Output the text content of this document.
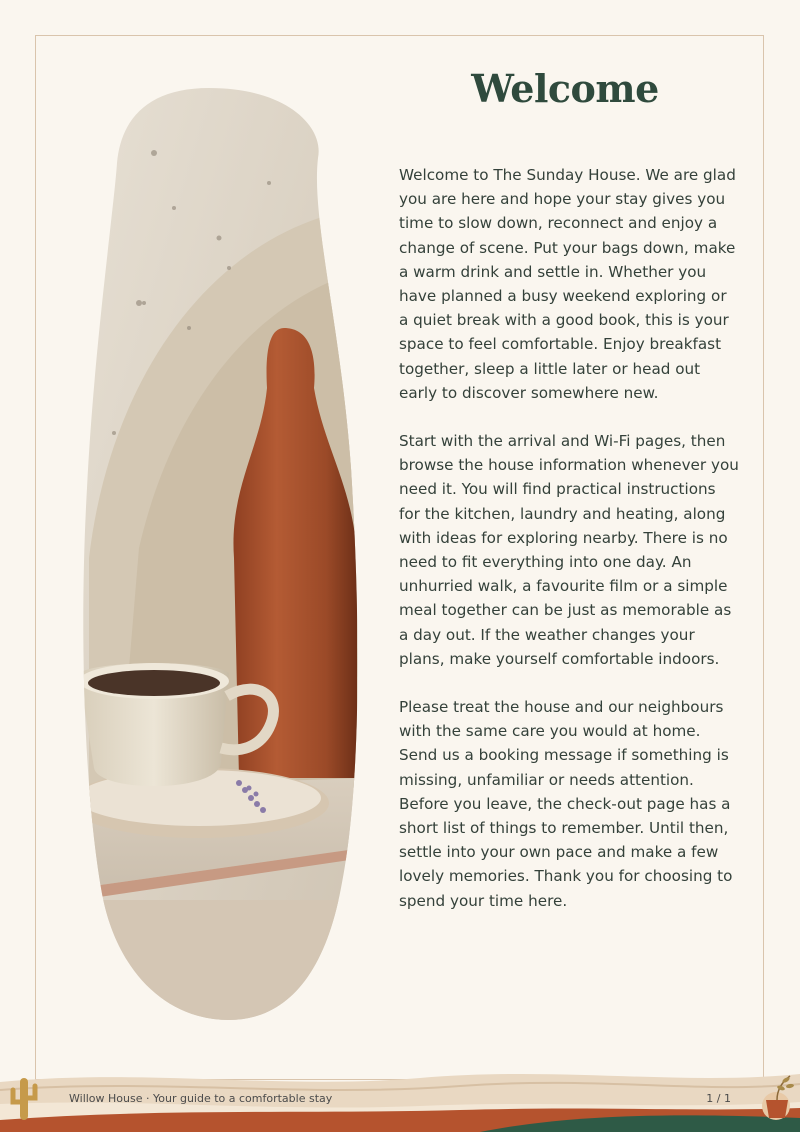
Welcome

Welcome to The Sunday House. We are glad you are here and hope your stay gives you time to slow down, reconnect and enjoy a change of scene. Put your bags down, make a warm drink and settle in. Whether you have planned a busy weekend exploring or a quiet break with a good book, this is your space to feel comfortable. Enjoy breakfast together, sleep a little later or head out early to discover somewhere new.

Start with the arrival and Wi-Fi pages, then browse the house information whenever you need it. You will find practical instructions for the kitchen, laundry and heating, along with ideas for exploring nearby. There is no need to fit everything into one day. An unhurried walk, a favourite film or a simple meal together can be just as memorable as a day out. If the weather changes your plans, make yourself comfortable indoors.

Please treat the house and our neighbours with the same care you would at home. Send us a booking message if something is missing, unfamiliar or needs attention. Before you leave, the check-out page has a short list of things to remember. Until then, settle into your own pace and make a few lovely memories. Thank you for choosing to spend your time here.

Willow House · Your guide to a comfortable stay	1 / 1
